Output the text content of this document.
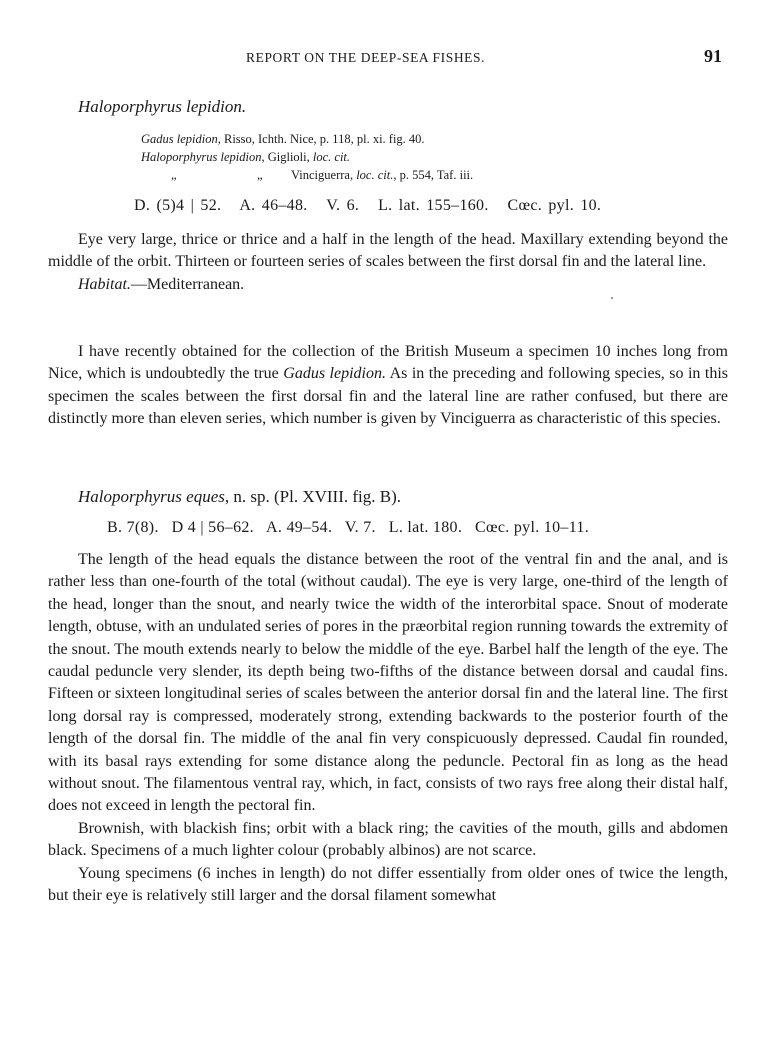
REPORT ON THE DEEP-SEA FISHES.	91
Haloporphyrus lepidion.
Gadus lepidion, Risso, Ichth. Nice, p. 118, pl. xi. fig. 40.
Haloporphyrus lepidion, Giglioli, loc. cit.
„	„ Vinciguerra, loc. cit., p. 554, Taf. iii.
D. (5)4 | 52.   A. 46–48.   V. 6.   L. lat. 155–160.   Cœc. pyl. 10.

Eye very large, thrice or thrice and a half in the length of the head. Maxillary extending beyond the middle of the orbit. Thirteen or fourteen series of scales between the first dorsal fin and the lateral line.

Habitat.—Mediterranean.

I have recently obtained for the collection of the British Museum a specimen 10 inches long from Nice, which is undoubtedly the true Gadus lepidion. As in the preceding and following species, so in this specimen the scales between the first dorsal fin and the lateral line are rather confused, but there are distinctly more than eleven series, which number is given by Vinciguerra as characteristic of this species.

Haloporphyrus eques, n. sp. (Pl. XVIII. fig. B).
B. 7(8).   D 4 | 56–62.   A. 49–54.   V. 7.   L. lat. 180.   Cœc. pyl. 10–11.

The length of the head equals the distance between the root of the ventral fin and the anal, and is rather less than one-fourth of the total (without caudal). The eye is very large, one-third of the length of the head, longer than the snout, and nearly twice the width of the interorbital space. Snout of moderate length, obtuse, with an undulated series of pores in the præorbital region running towards the extremity of the snout. The mouth extends nearly to below the middle of the eye. Barbel half the length of the eye. The caudal peduncle very slender, its depth being two-fifths of the distance between dorsal and caudal fins. Fifteen or sixteen longitudinal series of scales between the anterior dorsal fin and the lateral line. The first long dorsal ray is compressed, moderately strong, extending backwards to the posterior fourth of the length of the dorsal fin. The middle of the anal fin very conspicuously depressed. Caudal fin rounded, with its basal rays extending for some distance along the peduncle. Pectoral fin as long as the head without snout. The filamentous ventral ray, which, in fact, consists of two rays free along their distal half, does not exceed in length the pectoral fin.

Brownish, with blackish fins; orbit with a black ring; the cavities of the mouth, gills and abdomen black. Specimens of a much lighter colour (probably albinos) are not scarce.

Young specimens (6 inches in length) do not differ essentially from older ones of twice the length, but their eye is relatively still larger and the dorsal filament somewhat
